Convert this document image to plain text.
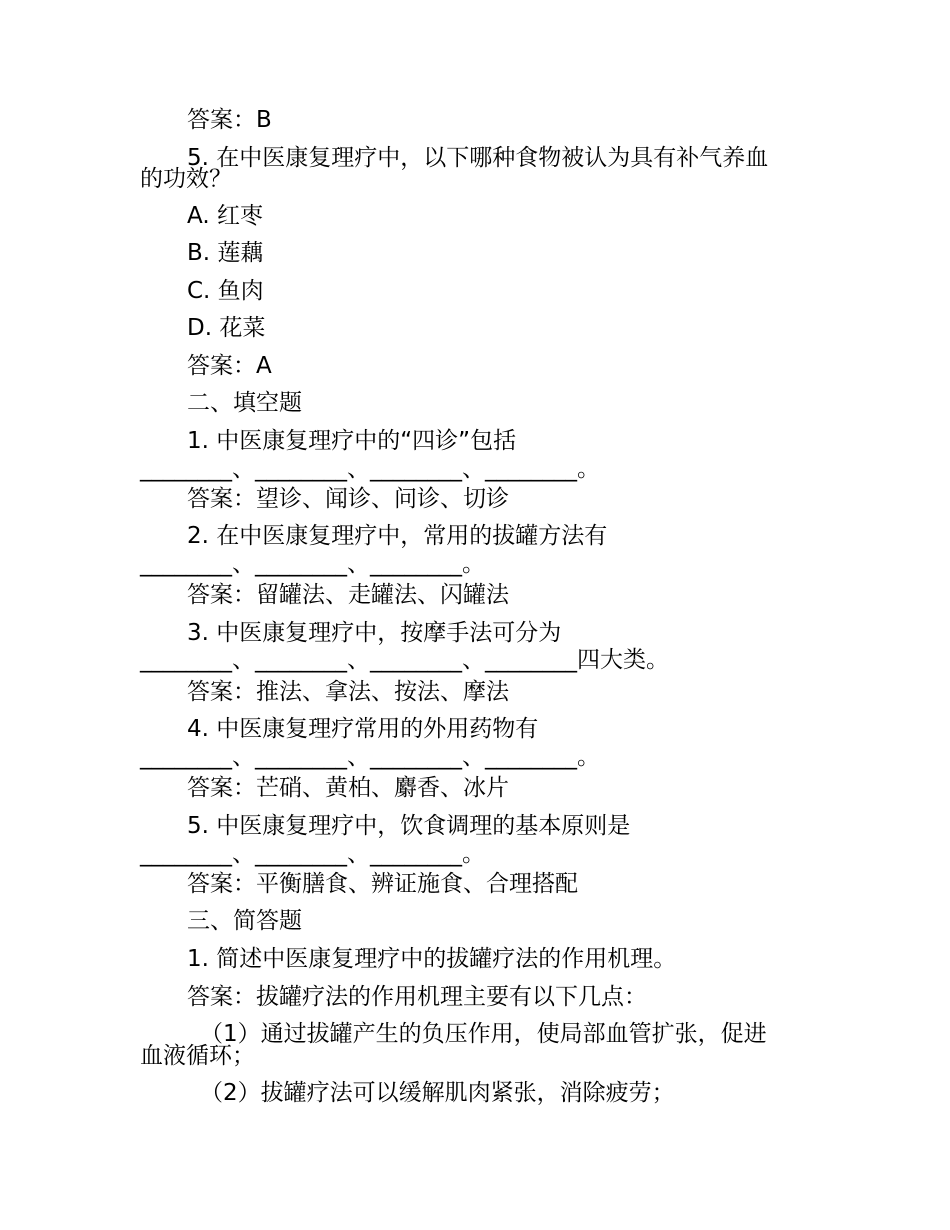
答案：B
5. 在中医康复理疗中，以下哪种食物被认为具有补气养血
的功效？
A. 红枣
B. 莲藕
C. 鱼肉
D. 花菜
答案：A
二、填空题
1. 中医康复理疗中的“四诊”包括
________、________、________、________。
答案：望诊、闻诊、问诊、切诊
2. 在中医康复理疗中，常用的拔罐方法有
________、________、________。
答案：留罐法、走罐法、闪罐法
3. 中医康复理疗中，按摩手法可分为
________、________、________、________四大类。
答案：推法、拿法、按法、摩法
4. 中医康复理疗常用的外用药物有
________、________、________、________。
答案：芒硝、黄柏、麝香、冰片
5. 中医康复理疗中，饮食调理的基本原则是
________、________、________。
答案：平衡膳食、辨证施食、合理搭配
三、简答题
1. 简述中医康复理疗中的拔罐疗法的作用机理。
答案：拔罐疗法的作用机理主要有以下几点：
（1）通过拔罐产生的负压作用，使局部血管扩张，促进
血液循环；
（2）拔罐疗法可以缓解肌肉紧张，消除疲劳；
